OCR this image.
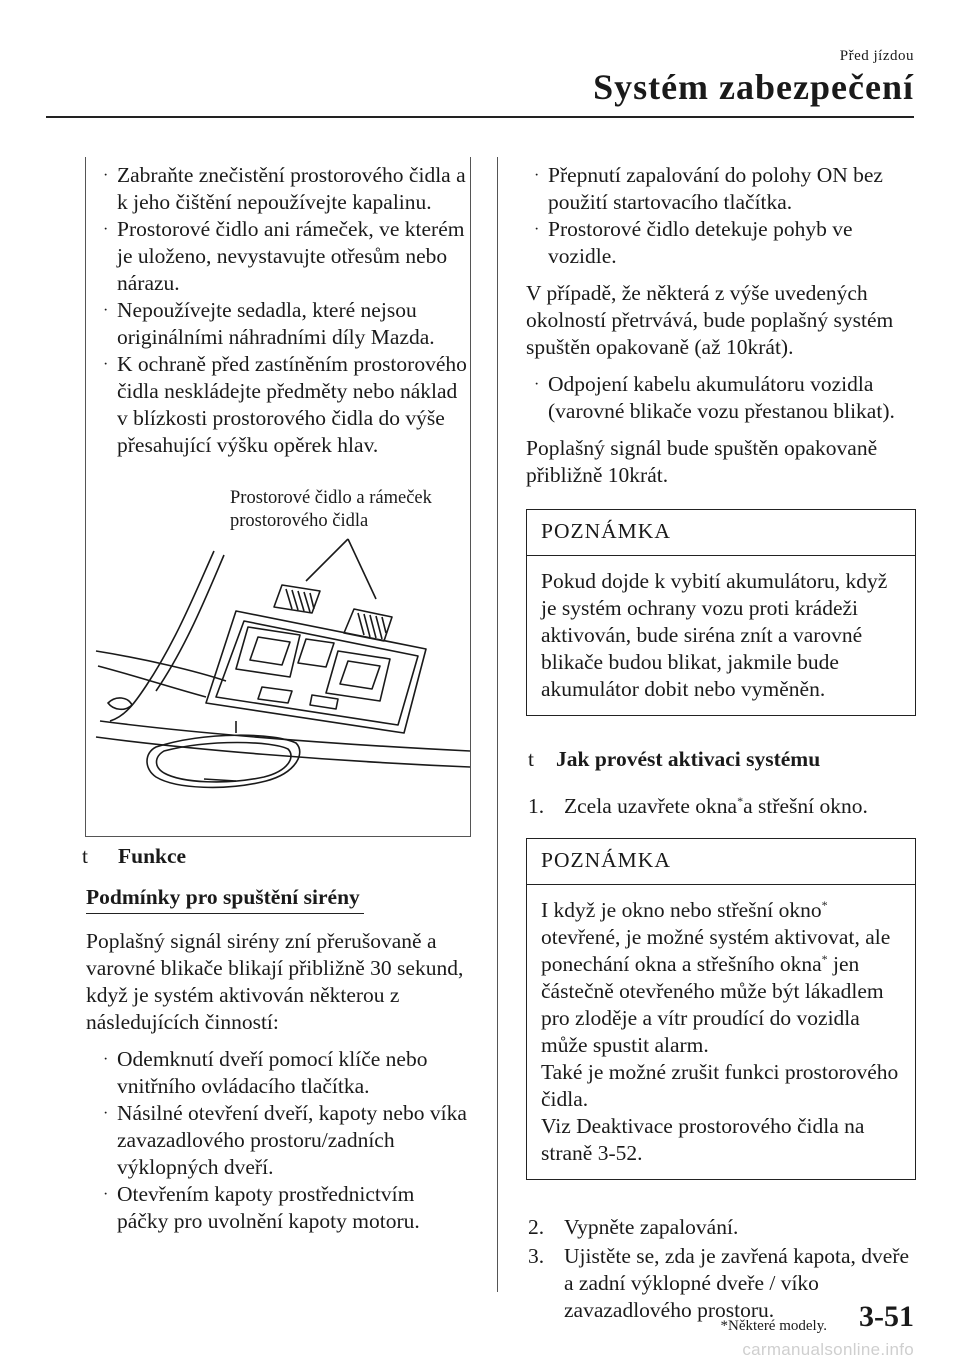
Před jízdou
Systém zabezpečení
· Zabraňte znečistění prostorového čidla a k jeho čištění nepoužívejte kapalinu.
· Prostorové čidlo ani rámeček, ve kterém je uloženo, nevystavujte otřesům nebo nárazu.
· Nepoužívejte sedadla, které nejsou originálními náhradními díly Mazda.
· K ochraně před zastíněním prostorového čidla neskládejte předměty nebo náklad v blízkosti prostorového čidla do výše přesahující výšku opěrek hlav.
Prostorové čidlo a rámeček
prostorového čidla
t Funkce
Podmínky pro spuštění sirény

Poplašný signál sirény zní přerušovaně a varovné blikače blikají přibližně 30 sekund, když je systém aktivován některou z následujících činností:

· Odemknutí dveří pomocí klíče nebo vnitřního ovládacího tlačítka.
· Násilné otevření dveří, kapoty nebo víka zavazadlového prostoru/zadních výklopných dveří.
· Otevřením kapoty prostřednictvím páčky pro uvolnění kapoty motoru.
· Přepnutí zapalování do polohy ON bez použití startovacího tlačítka.
· Prostorové čidlo detekuje pohyb ve vozidle.

V případě, že některá z výše uvedených okolností přetrvává, bude poplašný systém spuštěn opakovaně (až 10krát).

· Odpojení kabelu akumulátoru vozidla (varovné blikače vozu přestanou blikat).

Poplašný signál bude spuštěn opakovaně přibližně 10krát.

POZNÁMKA
Pokud dojde k vybití akumulátoru, když je systém ochrany vozu proti krádeži aktivován, bude siréna znít a varovné blikače budou blikat, jakmile bude akumulátor dobit nebo vyměněn.
t Jak provést aktivaci systému
1. Zcela uzavřete okna*a střešní okno.
POZNÁMKA
I když je okno nebo střešní okno* otevřené, je možné systém aktivovat, ale ponechání okna a střešního okna* jen částečně otevřeného může být lákadlem pro zloděje a vítr proudící do vozidla může spustit alarm.
Také je možné zrušit funkci prostorového čidla.
Viz Deaktivace prostorového čidla na straně 3-52.
2. Vypněte zapalování.
3. Ujistěte se, zda je zavřená kapota, dveře a zadní výklopné dveře / víko zavazadlového prostoru.
*Některé modely. 3-51
carmanualsonline.info
